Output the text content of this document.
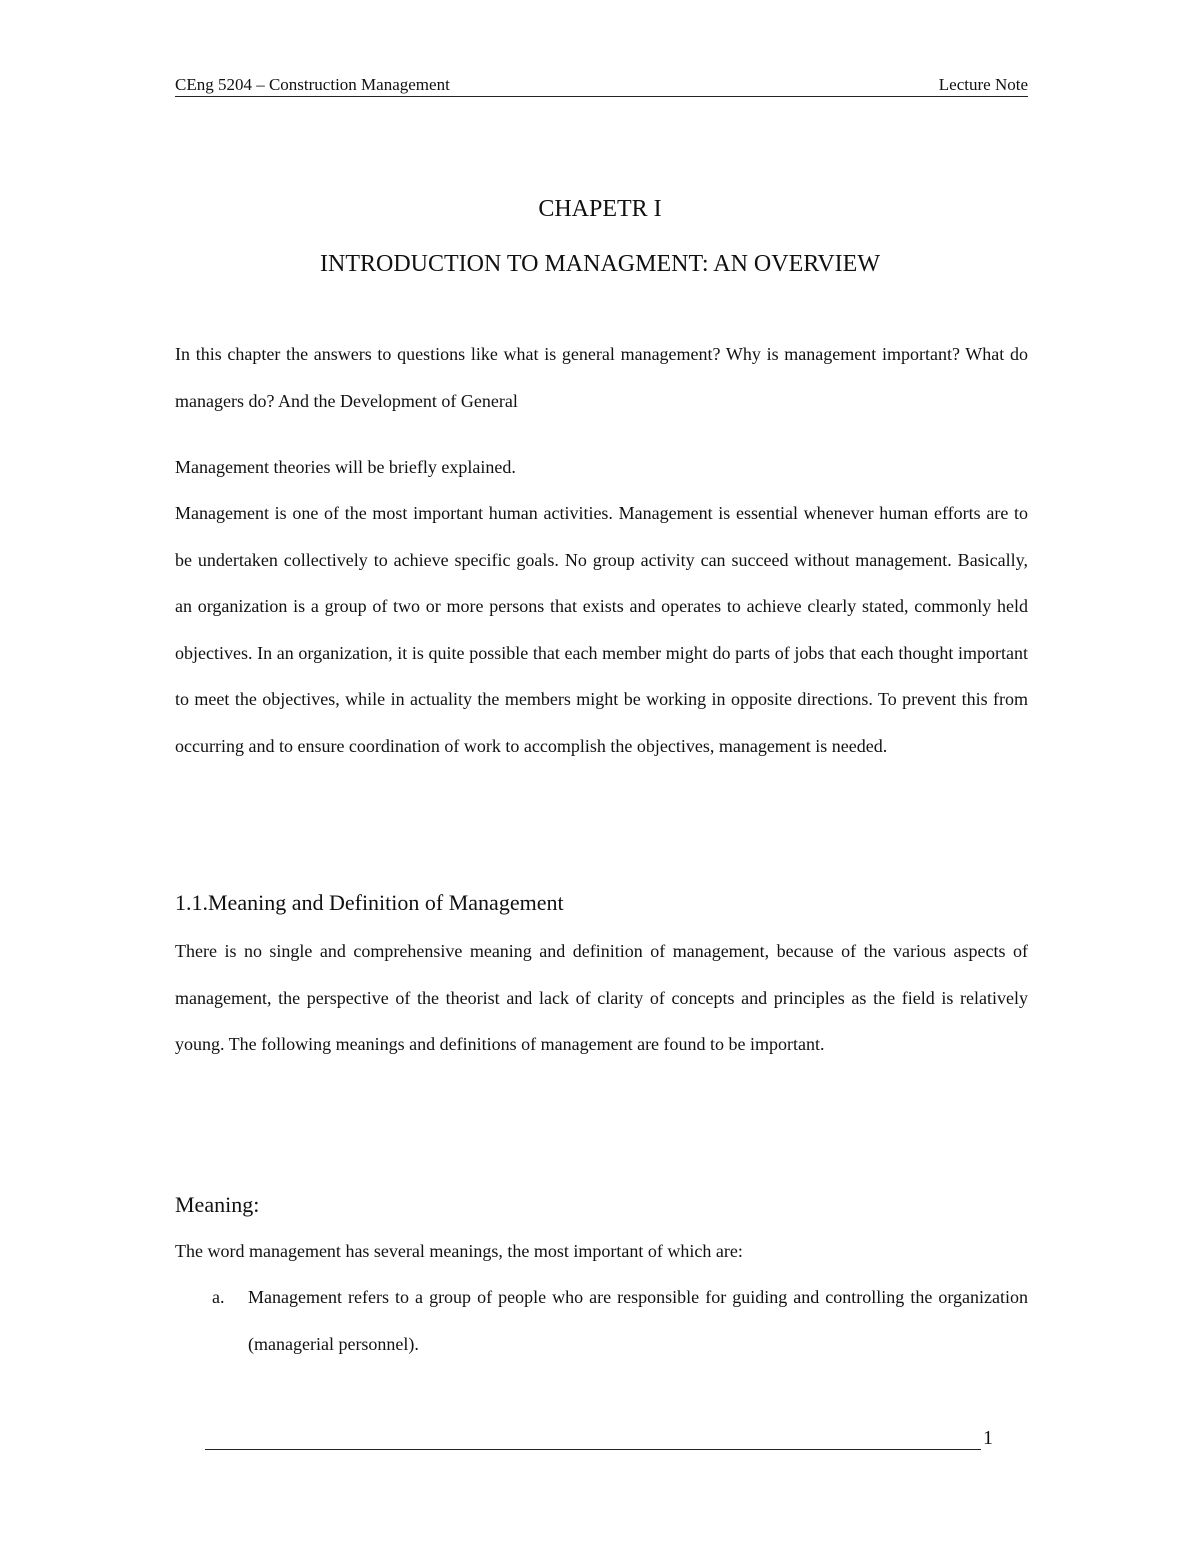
CEng 5204 – Construction Management	Lecture Note
CHAPETR I
INTRODUCTION TO MANAGMENT: AN OVERVIEW

In this chapter the answers to questions like what is general management? Why is management important? What do managers do? And the Development of General

Management theories will be briefly explained.

Management is one of the most important human activities. Management is essential whenever human efforts are to be undertaken collectively to achieve specific goals. No group activity can succeed without management. Basically, an organization is a group of two or more persons that exists and operates to achieve clearly stated, commonly held objectives. In an organization, it is quite possible that each member might do parts of jobs that each thought important to meet the objectives, while in actuality the members might be working in opposite directions. To prevent this from occurring and to ensure coordination of work to accomplish the objectives, management is needed.

1.1.Meaning and Definition of Management

There is no single and comprehensive meaning and definition of management, because of the various aspects of management, the perspective of the theorist and lack of clarity of concepts and principles as the field is relatively young. The following meanings and definitions of management are found to be important.

Meaning:

The word management has several meanings, the most important of which are:

a. Management refers to a group of people who are responsible for guiding and controlling the organization (managerial personnel).
1
